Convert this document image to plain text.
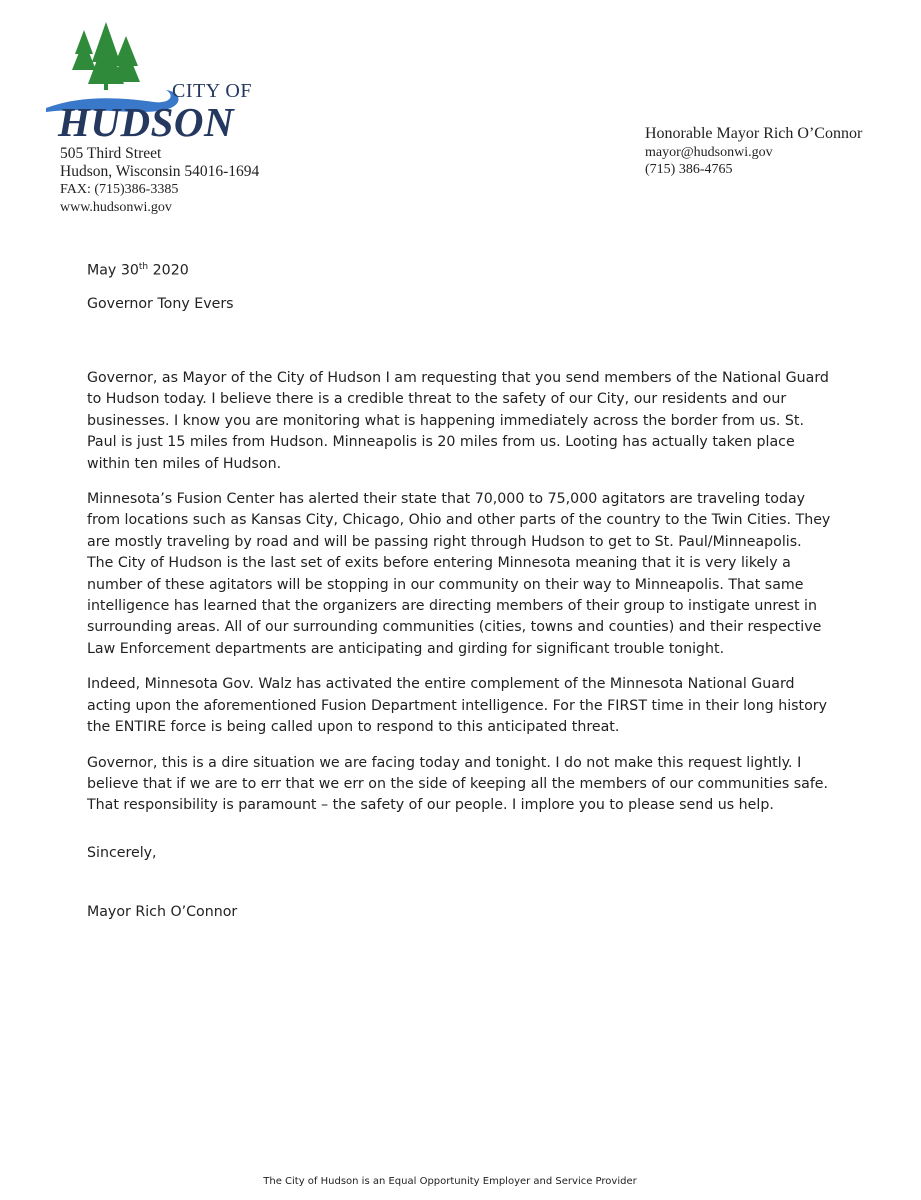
CITY OF
HUDSON
505 Third Street
Hudson, Wisconsin 54016-1694
FAX: (715)386-3385
www.hudsonwi.gov
Honorable Mayor Rich O’Connor
mayor@hudsonwi.gov
(715) 386-4765
May 30th 2020
Governor Tony Evers

Governor, as Mayor of the City of Hudson I am requesting that you send members of the National Guard to Hudson today. I believe there is a credible threat to the safety of our City, our residents and our businesses. I know you are monitoring what is happening immediately across the border from us. St. Paul is just 15 miles from Hudson. Minneapolis is 20 miles from us. Looting has actually taken place within ten miles of Hudson.

Minnesota’s Fusion Center has alerted their state that 70,000 to 75,000 agitators are traveling today from locations such as Kansas City, Chicago, Ohio and other parts of the country to the Twin Cities. They are mostly traveling by road and will be passing right through Hudson to get to St. Paul/Minneapolis. The City of Hudson is the last set of exits before entering Minnesota meaning that it is very likely a number of these agitators will be stopping in our community on their way to Minneapolis. That same intelligence has learned that the organizers are directing members of their group to instigate unrest in surrounding areas. All of our surrounding communities (cities, towns and counties) and their respective Law Enforcement departments are anticipating and girding for significant trouble tonight.

Indeed, Minnesota Gov. Walz has activated the entire complement of the Minnesota National Guard acting upon the aforementioned Fusion Department intelligence. For the FIRST time in their long history the ENTIRE force is being called upon to respond to this anticipated threat.

Governor, this is a dire situation we are facing today and tonight. I do not make this request lightly. I believe that if we are to err that we err on the side of keeping all the members of our communities safe. That responsibility is paramount – the safety of our people. I implore you to please send us help.

Sincerely,
Mayor Rich O’Connor
The City of Hudson is an Equal Opportunity Employer and Service Provider
